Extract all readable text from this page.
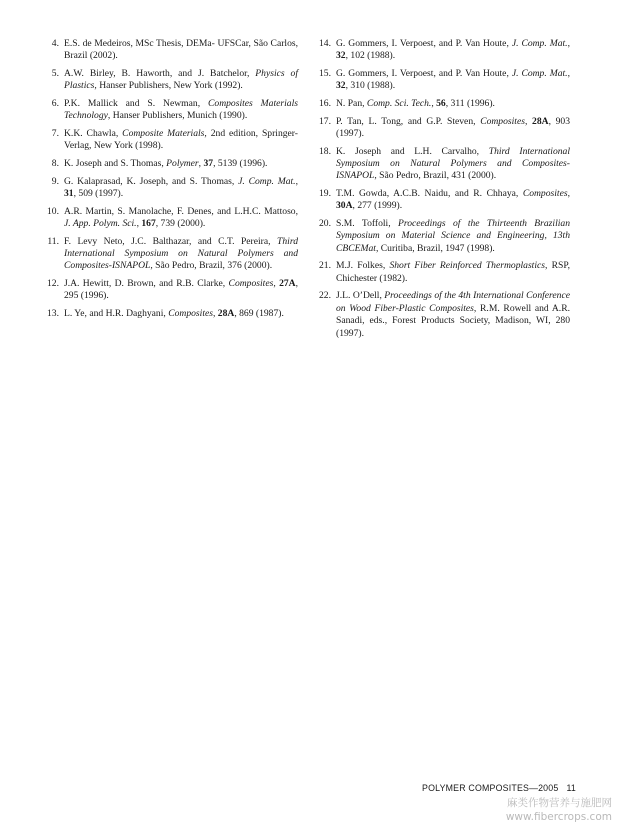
4. E.S. de Medeiros, MSc Thesis, DEMa- UFSCar, São Carlos, Brazil (2002).
5. A.W. Birley, B. Haworth, and J. Batchelor, Physics of Plastics, Hanser Publishers, New York (1992).
6. P.K. Mallick and S. Newman, Composites Materials Technology, Hanser Publishers, Munich (1990).
7. K.K. Chawla, Composite Materials, 2nd edition, Springer-Verlag, New York (1998).
8. K. Joseph and S. Thomas, Polymer, 37, 5139 (1996).
9. G. Kalaprasad, K. Joseph, and S. Thomas, J. Comp. Mat., 31, 509 (1997).
10. A.R. Martin, S. Manolache, F. Denes, and L.H.C. Mattoso, J. App. Polym. Sci., 167, 739 (2000).
11. F. Levy Neto, J.C. Balthazar, and C.T. Pereira, Third International Symposium on Natural Polymers and Composites-ISNAPOL, São Pedro, Brazil, 376 (2000).
12. J.A. Hewitt, D. Brown, and R.B. Clarke, Composites, 27A, 295 (1996).
13. L. Ye, and H.R. Daghyani, Composites, 28A, 869 (1987).
14. G. Gommers, I. Verpoest, and P. Van Houte, J. Comp. Mat., 32, 102 (1988).
15. G. Gommers, I. Verpoest, and P. Van Houte, J. Comp. Mat., 32, 310 (1988).
16. N. Pan, Comp. Sci. Tech., 56, 311 (1996).
17. P. Tan, L. Tong, and G.P. Steven, Composites, 28A, 903 (1997).
18. K. Joseph and L.H. Carvalho, Third International Symposium on Natural Polymers and Composites-ISNAPOL, São Pedro, Brazil, 431 (2000).
19. T.M. Gowda, A.C.B. Naidu, and R. Chhaya, Composites, 30A, 277 (1999).
20. S.M. Toffoli, Proceedings of the Thirteenth Brazilian Symposium on Material Science and Engineering, 13th CBCEMat, Curitiba, Brazil, 1947 (1998).
21. M.J. Folkes, Short Fiber Reinforced Thermoplastics, RSP, Chichester (1982).
22. J.L. O’Dell, Proceedings of the 4th International Conference on Wood Fiber-Plastic Composites, R.M. Rowell and A.R. Sanadi, eds., Forest Products Society, Madison, WI, 280 (1997).
POLYMER COMPOSITES—2005 11
麻类作物营养与施肥网
www.fibercrops.com
